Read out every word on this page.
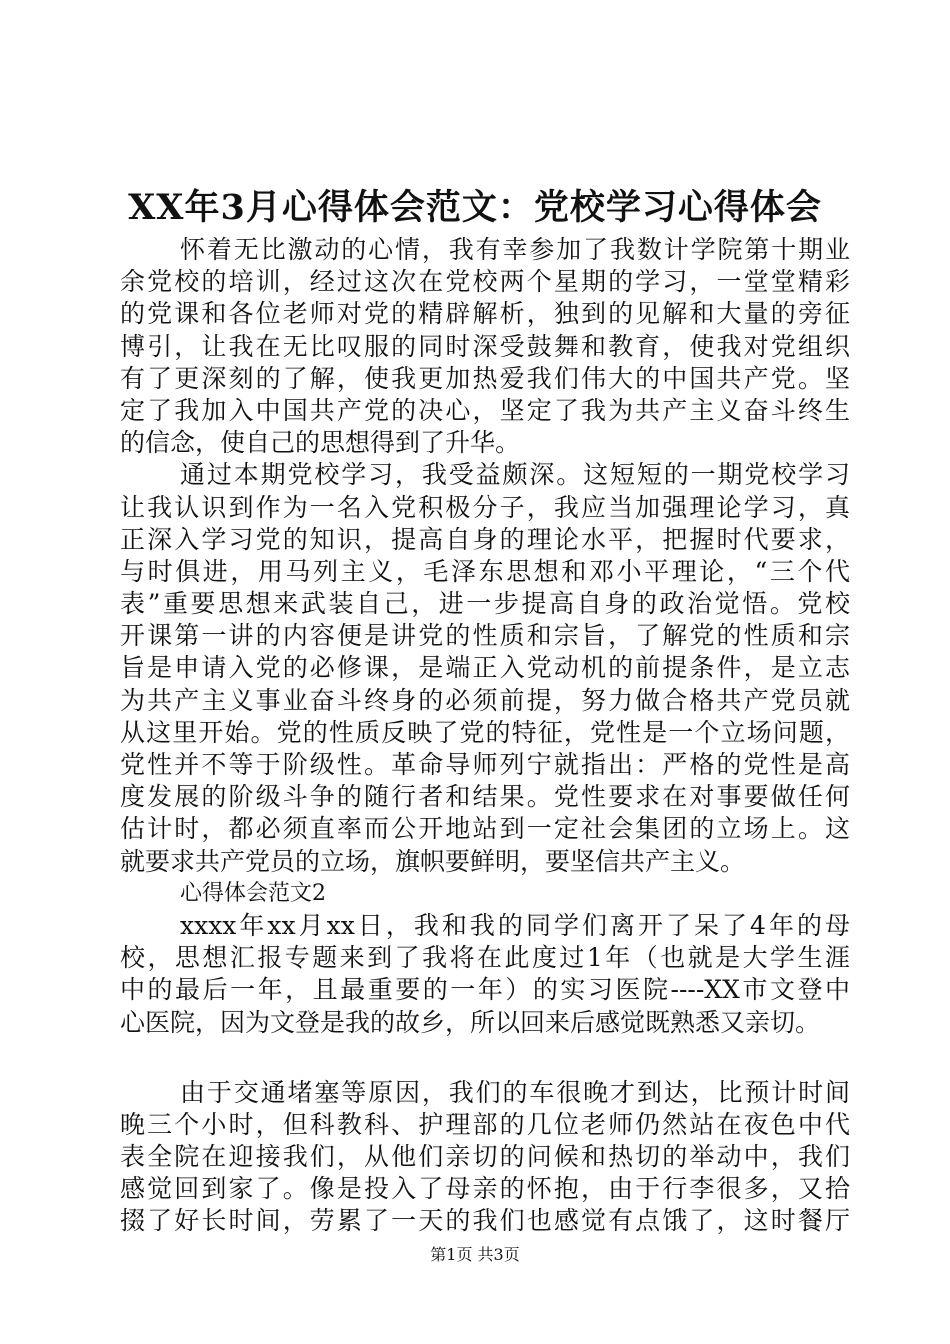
XX年3月心得体会范文：党校学习心得体会
怀着无比激动的心情，我有幸参加了我数计学院第十期业
余党校的培训，经过这次在党校两个星期的学习，一堂堂精彩
的党课和各位老师对党的精辟解析，独到的见解和大量的旁征
博引，让我在无比叹服的同时深受鼓舞和教育，使我对党组织
有了更深刻的了解，使我更加热爱我们伟大的中国共产党。坚
定了我加入中国共产党的决心，坚定了我为共产主义奋斗终生
的信念，使自己的思想得到了升华。
通过本期党校学习，我受益颇深。这短短的一期党校学习
让我认识到作为一名入党积极分子，我应当加强理论学习，真
正深入学习党的知识，提高自身的理论水平，把握时代要求，
与时俱进，用马列主义，毛泽东思想和邓小平理论，“三个代
表”重要思想来武装自己，进一步提高自身的政治觉悟。党校
开课第一讲的内容便是讲党的性质和宗旨，了解党的性质和宗
旨是申请入党的必修课，是端正入党动机的前提条件，是立志
为共产主义事业奋斗终身的必须前提，努力做合格共产党员就
从这里开始。党的性质反映了党的特征，党性是一个立场问题，
党性并不等于阶级性。革命导师列宁就指出：严格的党性是高
度发展的阶级斗争的随行者和结果。党性要求在对事要做任何
估计时，都必须直率而公开地站到一定社会集团的立场上。这
就要求共产党员的立场，旗帜要鲜明，要坚信共产主义。
心得体会范文2
xxxx年xx月xx日，我和我的同学们离开了呆了4年的母
校，思想汇报专题来到了我将在此度过1年（也就是大学生涯
中的最后一年，且最重要的一年）的实习医院----XX市文登中
心医院，因为文登是我的故乡，所以回来后感觉既熟悉又亲切。
由于交通堵塞等原因，我们的车很晚才到达，比预计时间
晚三个小时，但科教科、护理部的几位老师仍然站在夜色中代
表全院在迎接我们，从他们亲切的问候和热切的举动中，我们
感觉回到家了。像是投入了母亲的怀抱，由于行李很多，又拾
掇了好长时间，劳累了一天的我们也感觉有点饿了，这时餐厅
第1页 共3页
